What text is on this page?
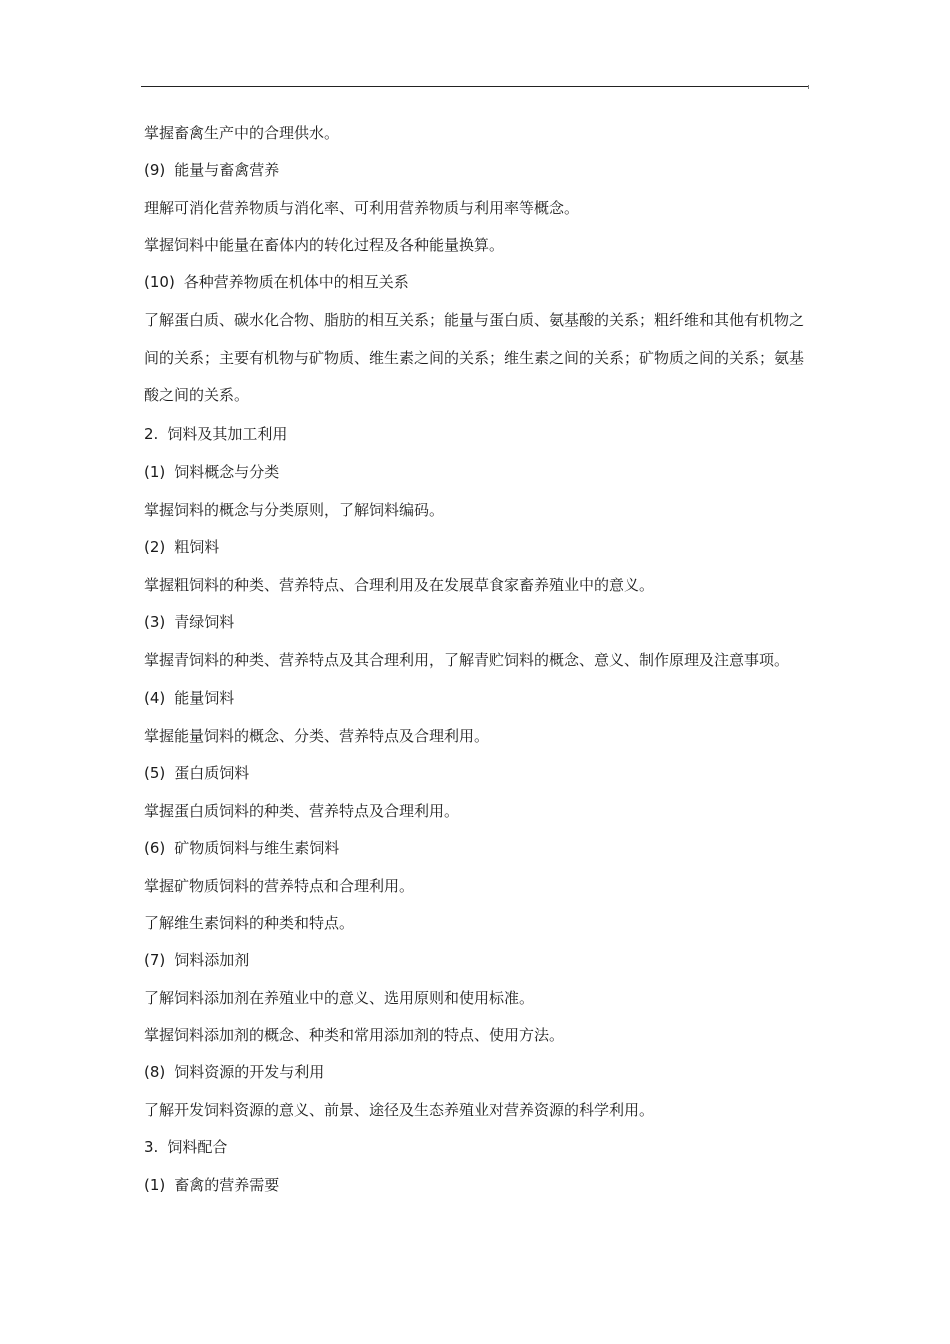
掌握畜禽生产中的合理供水。
(9) 能量与畜禽营养
理解可消化营养物质与消化率、可利用营养物质与利用率等概念。
掌握饲料中能量在畜体内的转化过程及各种能量换算。
(10) 各种营养物质在机体中的相互关系
了解蛋白质、碳水化合物、脂肪的相互关系；能量与蛋白质、氨基酸的关系；粗纤维和其他有机物之间的关系；主要有机物与矿物质、维生素之间的关系；维生素之间的关系；矿物质之间的关系；氨基酸之间的关系。
2. 饲料及其加工利用
(1) 饲料概念与分类
掌握饲料的概念与分类原则，了解饲料编码。
(2) 粗饲料
掌握粗饲料的种类、营养特点、合理利用及在发展草食家畜养殖业中的意义。
(3) 青绿饲料
掌握青饲料的种类、营养特点及其合理利用，了解青贮饲料的概念、意义、制作原理及注意事项。
(4) 能量饲料
掌握能量饲料的概念、分类、营养特点及合理利用。
(5) 蛋白质饲料
掌握蛋白质饲料的种类、营养特点及合理利用。
(6) 矿物质饲料与维生素饲料
掌握矿物质饲料的营养特点和合理利用。
了解维生素饲料的种类和特点。
(7) 饲料添加剂
了解饲料添加剂在养殖业中的意义、选用原则和使用标准。
掌握饲料添加剂的概念、种类和常用添加剂的特点、使用方法。
(8) 饲料资源的开发与利用
了解开发饲料资源的意义、前景、途径及生态养殖业对营养资源的科学利用。
3. 饲料配合
(1) 畜禽的营养需要
